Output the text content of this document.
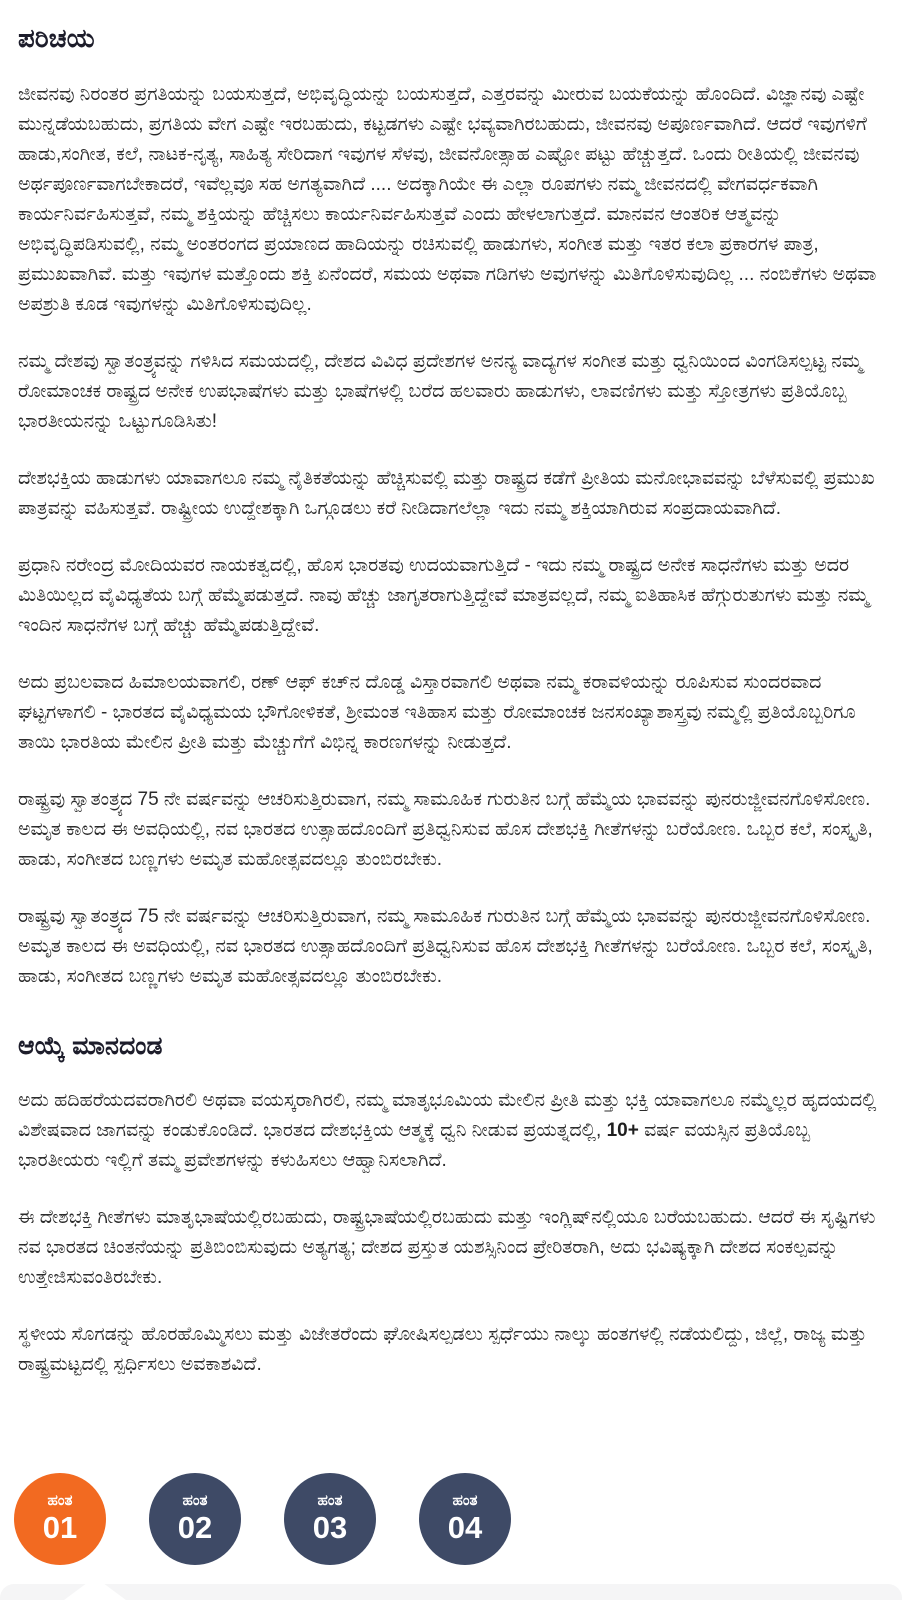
ಪರಿಚಯ

ಜೀವನವು ನಿರಂತರ ಪ್ರಗತಿಯನ್ನು ಬಯಸುತ್ತದೆ, ಅಭಿವೃದ್ಧಿಯನ್ನು ಬಯಸುತ್ತದೆ, ಎತ್ತರವನ್ನು ಮೀರುವ ಬಯಕೆಯನ್ನು ಹೊಂದಿದೆ. ವಿಜ್ಞಾನವು ಎಷ್ಟೇ ಮುನ್ನಡೆಯಬಹುದು, ಪ್ರಗತಿಯ ವೇಗ ಎಷ್ಟೇ ಇರಬಹುದು, ಕಟ್ಟಡಗಳು ಎಷ್ಟೇ ಭವ್ಯವಾಗಿರಬಹುದು, ಜೀವನವು ಅಪೂರ್ಣವಾಗಿದೆ. ಆದರೆ ಇವುಗಳಿಗೆ ಹಾಡು,ಸಂಗೀತ, ಕಲೆ, ನಾಟಕ-ನೃತ್ಯ, ಸಾಹಿತ್ಯ ಸೇರಿದಾಗ ಇವುಗಳ ಸೆಳವು, ಜೀವನೋತ್ಸಾಹ ಎಷ್ಟೋ ಪಟ್ಟು ಹೆಚ್ಚುತ್ತದೆ. ಒಂದು ರೀತಿಯಲ್ಲಿ ಜೀವನವು ಅರ್ಥಪೂರ್ಣವಾಗಬೇಕಾದರೆ, ಇವೆಲ್ಲವೂ ಸಹ ಅಗತ್ಯವಾಗಿದೆ .... ಅದಕ್ಕಾಗಿಯೇ ಈ ಎಲ್ಲಾ ರೂಪಗಳು ನಮ್ಮ ಜೀವನದಲ್ಲಿ ವೇಗವರ್ಧಕವಾಗಿ ಕಾರ್ಯನಿರ್ವಹಿಸುತ್ತವೆ, ನಮ್ಮ ಶಕ್ತಿಯನ್ನು ಹೆಚ್ಚಿಸಲು ಕಾರ್ಯನಿರ್ವಹಿಸುತ್ತವೆ ಎಂದು ಹೇಳಲಾಗುತ್ತದೆ. ಮಾನವನ ಆಂತರಿಕ ಆತ್ಮವನ್ನು ಅಭಿವೃದ್ಧಿಪಡಿಸುವಲ್ಲಿ, ನಮ್ಮ ಅಂತರಂಗದ ಪ್ರಯಾಣದ ಹಾದಿಯನ್ನು ರಚಿಸುವಲ್ಲಿ ಹಾಡುಗಳು, ಸಂಗೀತ ಮತ್ತು ಇತರ ಕಲಾ ಪ್ರಕಾರಗಳ ಪಾತ್ರ, ಪ್ರಮುಖವಾಗಿವೆ. ಮತ್ತು ಇವುಗಳ ಮತ್ತೊಂದು ಶಕ್ತಿ ಏನೆಂದರೆ, ಸಮಯ ಅಥವಾ ಗಡಿಗಳು ಅವುಗಳನ್ನು ಮಿತಿಗೊಳಿಸುವುದಿಲ್ಲ ... ನಂಬಿಕೆಗಳು ಅಥವಾ ಅಪಶ್ರುತಿ ಕೂಡ ಇವುಗಳನ್ನು ಮಿತಿಗೊಳಿಸುವುದಿಲ್ಲ.

ನಮ್ಮ ದೇಶವು ಸ್ವಾತಂತ್ರ್ಯವನ್ನು ಗಳಿಸಿದ ಸಮಯದಲ್ಲಿ, ದೇಶದ ವಿವಿಧ ಪ್ರದೇಶಗಳ ಅನನ್ಯ ವಾದ್ಯಗಳ ಸಂಗೀತ ಮತ್ತು ಧ್ವನಿಯಿಂದ ವಿಂಗಡಿಸಲ್ಪಟ್ಟ ನಮ್ಮ ರೋಮಾಂಚಕ ರಾಷ್ಟ್ರದ ಅನೇಕ ಉಪಭಾಷೆಗಳು ಮತ್ತು ಭಾಷೆಗಳಲ್ಲಿ ಬರೆದ ಹಲವಾರು ಹಾಡುಗಳು, ಲಾವಣಿಗಳು ಮತ್ತು ಸ್ತೋತ್ರಗಳು ಪ್ರತಿಯೊಬ್ಬ ಭಾರತೀಯನನ್ನು ಒಟ್ಟುಗೂಡಿಸಿತು!

ದೇಶಭಕ್ತಿಯ ಹಾಡುಗಳು ಯಾವಾಗಲೂ ನಮ್ಮ ನೈತಿಕತೆಯನ್ನು ಹೆಚ್ಚಿಸುವಲ್ಲಿ ಮತ್ತು ರಾಷ್ಟ್ರದ ಕಡೆಗೆ ಪ್ರೀತಿಯ ಮನೋಭಾವವನ್ನು ಬೆಳೆಸುವಲ್ಲಿ ಪ್ರಮುಖ ಪಾತ್ರವನ್ನು ವಹಿಸುತ್ತವೆ. ರಾಷ್ಟ್ರೀಯ ಉದ್ದೇಶಕ್ಕಾಗಿ ಒಗ್ಗೂಡಲು ಕರೆ ನೀಡಿದಾಗಲೆಲ್ಲಾ ಇದು ನಮ್ಮ ಶಕ್ತಿಯಾಗಿರುವ ಸಂಪ್ರದಾಯವಾಗಿದೆ.

ಪ್ರಧಾನಿ ನರೇಂದ್ರ ಮೋದಿಯವರ ನಾಯಕತ್ವದಲ್ಲಿ, ಹೊಸ ಭಾರತವು ಉದಯವಾಗುತ್ತಿದೆ - ಇದು ನಮ್ಮ ರಾಷ್ಟ್ರದ ಅನೇಕ ಸಾಧನೆಗಳು ಮತ್ತು ಅದರ ಮಿತಿಯಿಲ್ಲದ ವೈವಿಧ್ಯತೆಯ ಬಗ್ಗೆ ಹೆಮ್ಮೆಪಡುತ್ತದೆ. ನಾವು ಹೆಚ್ಚು ಜಾಗೃತರಾಗುತ್ತಿದ್ದೇವೆ ಮಾತ್ರವಲ್ಲದೆ, ನಮ್ಮ ಐತಿಹಾಸಿಕ ಹೆಗ್ಗುರುತುಗಳು ಮತ್ತು ನಮ್ಮ ಇಂದಿನ ಸಾಧನೆಗಳ ಬಗ್ಗೆ ಹೆಚ್ಚು ಹೆಮ್ಮೆಪಡುತ್ತಿದ್ದೇವೆ.

ಅದು ಪ್ರಬಲವಾದ ಹಿಮಾಲಯವಾಗಲಿ, ರಣ್ ಆಫ್ ಕಚ್‌ನ ದೊಡ್ಡ ವಿಸ್ತಾರವಾಗಲಿ ಅಥವಾ ನಮ್ಮ ಕರಾವಳಿಯನ್ನು ರೂಪಿಸುವ ಸುಂದರವಾದ ಘಟ್ಟಗಳಾಗಲಿ - ಭಾರತದ ವೈವಿಧ್ಯಮಯ ಭೌಗೋಳಿಕತೆ, ಶ್ರೀಮಂತ ಇತಿಹಾಸ ಮತ್ತು ರೋಮಾಂಚಕ ಜನಸಂಖ್ಯಾಶಾಸ್ತ್ರವು ನಮ್ಮಲ್ಲಿ ಪ್ರತಿಯೊಬ್ಬರಿಗೂ ತಾಯಿ ಭಾರತಿಯ ಮೇಲಿನ ಪ್ರೀತಿ ಮತ್ತು ಮೆಚ್ಚುಗೆಗೆ ವಿಭಿನ್ನ ಕಾರಣಗಳನ್ನು ನೀಡುತ್ತದೆ.

ರಾಷ್ಟ್ರವು ಸ್ವಾತಂತ್ರ್ಯದ 75 ನೇ ವರ್ಷವನ್ನು ಆಚರಿಸುತ್ತಿರುವಾಗ, ನಮ್ಮ ಸಾಮೂಹಿಕ ಗುರುತಿನ ಬಗ್ಗೆ ಹೆಮ್ಮೆಯ ಭಾವವನ್ನು ಪುನರುಜ್ಜೀವನಗೊಳಿಸೋಣ. ಅಮೃತ ಕಾಲದ ಈ ಅವಧಿಯಲ್ಲಿ, ನವ ಭಾರತದ ಉತ್ಸಾಹದೊಂದಿಗೆ ಪ್ರತಿಧ್ವನಿಸುವ ಹೊಸ ದೇಶಭಕ್ತಿ ಗೀತೆಗಳನ್ನು ಬರೆಯೋಣ. ಒಬ್ಬರ ಕಲೆ, ಸಂಸ್ಕೃತಿ, ಹಾಡು, ಸಂಗೀತದ ಬಣ್ಣಗಳು ಅಮೃತ ಮಹೋತ್ಸವದಲ್ಲೂ ತುಂಬಿರಬೇಕು.

ರಾಷ್ಟ್ರವು ಸ್ವಾತಂತ್ರ್ಯದ 75 ನೇ ವರ್ಷವನ್ನು ಆಚರಿಸುತ್ತಿರುವಾಗ, ನಮ್ಮ ಸಾಮೂಹಿಕ ಗುರುತಿನ ಬಗ್ಗೆ ಹೆಮ್ಮೆಯ ಭಾವವನ್ನು ಪುನರುಜ್ಜೀವನಗೊಳಿಸೋಣ. ಅಮೃತ ಕಾಲದ ಈ ಅವಧಿಯಲ್ಲಿ, ನವ ಭಾರತದ ಉತ್ಸಾಹದೊಂದಿಗೆ ಪ್ರತಿಧ್ವನಿಸುವ ಹೊಸ ದೇಶಭಕ್ತಿ ಗೀತೆಗಳನ್ನು ಬರೆಯೋಣ. ಒಬ್ಬರ ಕಲೆ, ಸಂಸ್ಕೃತಿ, ಹಾಡು, ಸಂಗೀತದ ಬಣ್ಣಗಳು ಅಮೃತ ಮಹೋತ್ಸವದಲ್ಲೂ ತುಂಬಿರಬೇಕು.

ಆಯ್ಕೆ ಮಾನದಂಡ

ಅದು ಹದಿಹರೆಯದವರಾಗಿರಲಿ ಅಥವಾ ವಯಸ್ಕರಾಗಿರಲಿ, ನಮ್ಮ ಮಾತೃಭೂಮಿಯ ಮೇಲಿನ ಪ್ರೀತಿ ಮತ್ತು ಭಕ್ತಿ ಯಾವಾಗಲೂ ನಮ್ಮೆಲ್ಲರ ಹೃದಯದಲ್ಲಿ ವಿಶೇಷವಾದ ಜಾಗವನ್ನು ಕಂಡುಕೊಂಡಿದೆ. ಭಾರತದ ದೇಶಭಕ್ತಿಯ ಆತ್ಮಕ್ಕೆ ಧ್ವನಿ ನೀಡುವ ಪ್ರಯತ್ನದಲ್ಲಿ, 10+ ವರ್ಷ ವಯಸ್ಸಿನ ಪ್ರತಿಯೊಬ್ಬ ಭಾರತೀಯರು ಇಲ್ಲಿಗೆ ತಮ್ಮ ಪ್ರವೇಶಗಳನ್ನು ಕಳುಹಿಸಲು ಆಹ್ವಾನಿಸಲಾಗಿದೆ.

ಈ ದೇಶಭಕ್ತಿ ಗೀತೆಗಳು ಮಾತೃಭಾಷೆಯಲ್ಲಿರಬಹುದು, ರಾಷ್ಟ್ರಭಾಷೆಯಲ್ಲಿರಬಹುದು ಮತ್ತು ಇಂಗ್ಲಿಷ್‌ನಲ್ಲಿಯೂ ಬರೆಯಬಹುದು. ಆದರೆ ಈ ಸೃಷ್ಟಿಗಳು ನವ ಭಾರತದ ಚಿಂತನೆಯನ್ನು ಪ್ರತಿಬಿಂಬಿಸುವುದು ಅತ್ಯಗತ್ಯ; ದೇಶದ ಪ್ರಸ್ತುತ ಯಶಸ್ಸಿನಿಂದ ಪ್ರೇರಿತರಾಗಿ, ಅದು ಭವಿಷ್ಯಕ್ಕಾಗಿ ದೇಶದ ಸಂಕಲ್ಪವನ್ನು ಉತ್ತೇಜಿಸುವಂತಿರಬೇಕು.

ಸ್ಥಳೀಯ ಸೊಗಡನ್ನು ಹೊರಹೊಮ್ಮಿಸಲು ಮತ್ತು ವಿಜೇತರೆಂದು ಘೋಷಿಸಲ್ಪಡಲು ಸ್ಪರ್ಧೆಯು ನಾಲ್ಕು ಹಂತಗಳಲ್ಲಿ ನಡೆಯಲಿದ್ದು, ಜಿಲ್ಲೆ, ರಾಜ್ಯ ಮತ್ತು ರಾಷ್ಟ್ರಮಟ್ಟದಲ್ಲಿ ಸ್ಪರ್ಧಿಸಲು ಅವಕಾಶವಿದೆ.

ಹಂತ
01
ಹಂತ
02
ಹಂತ
03
ಹಂತ
04
